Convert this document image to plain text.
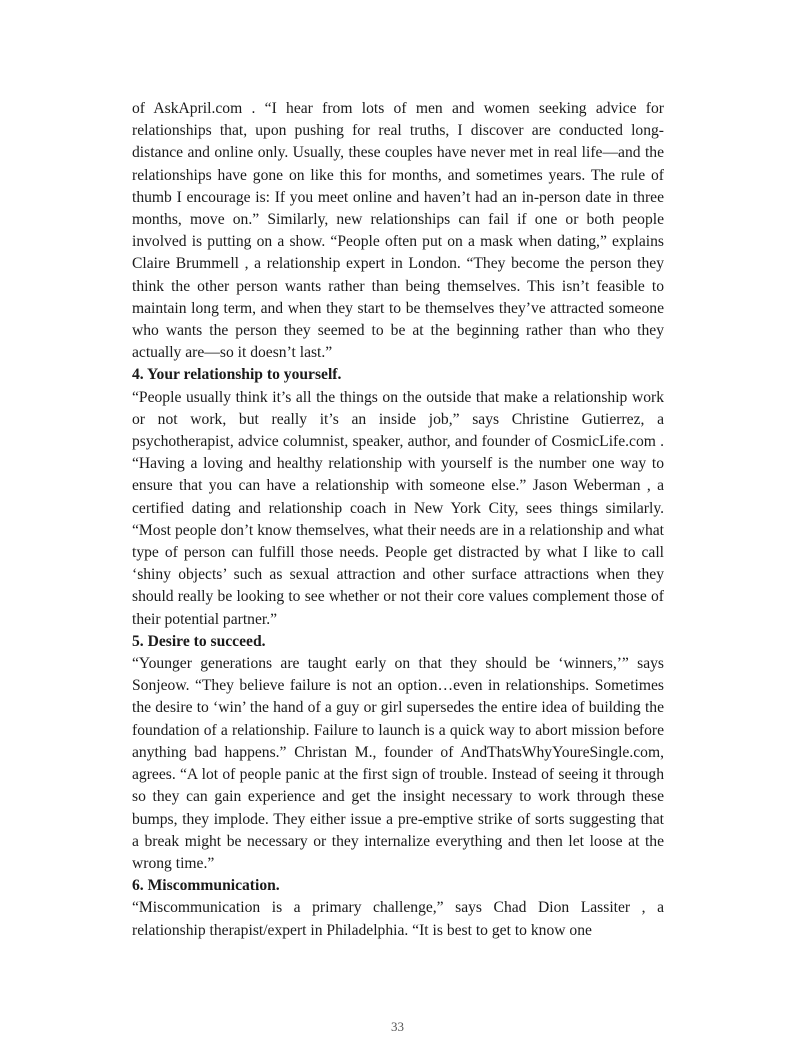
of AskApril.com . “I hear from lots of men and women seeking advice for relationships that, upon pushing for real truths, I discover are conducted long-distance and online only. Usually, these couples have never met in real life—and the relationships have gone on like this for months, and sometimes years. The rule of thumb I encourage is: If you meet online and haven’t had an in-person date in three months, move on.” Similarly, new relationships can fail if one or both people involved is putting on a show. “People often put on a mask when dating,” explains Claire Brummell , a relationship expert in London. “They become the person they think the other person wants rather than being themselves. This isn’t feasible to maintain long term, and when they start to be themselves they’ve attracted someone who wants the person they seemed to be at the beginning rather than who they actually are—so it doesn’t last.”

4. Your relationship to yourself.

“People usually think it’s all the things on the outside that make a relationship work or not work, but really it’s an inside job,” says Christine Gutierrez, a psychotherapist, advice columnist, speaker, author, and founder of CosmicLife.com . “Having a loving and healthy relationship with yourself is the number one way to ensure that you can have a relationship with someone else.” Jason Weberman , a certified dating and relationship coach in New York City, sees things similarly. “Most people don’t know themselves, what their needs are in a relationship and what type of person can fulfill those needs. People get distracted by what I like to call ‘shiny objects’ such as sexual attraction and other surface attractions when they should really be looking to see whether or not their core values complement those of their potential partner.”

5. Desire to succeed.

“Younger generations are taught early on that they should be ‘winners,’” says Sonjeow. “They believe failure is not an option…even in relationships. Sometimes the desire to ‘win’ the hand of a guy or girl supersedes the entire idea of building the foundation of a relationship. Failure to launch is a quick way to abort mission before anything bad happens.” Christan M., founder of AndThatsWhyYoureSingle.com, agrees. “A lot of people panic at the first sign of trouble. Instead of seeing it through so they can gain experience and get the insight necessary to work through these bumps, they implode. They either issue a pre-emptive strike of sorts suggesting that a break might be necessary or they internalize everything and then let loose at the wrong time.”

6. Miscommunication.

“Miscommunication is a primary challenge,” says Chad Dion Lassiter , a relationship therapist/expert in Philadelphia. “It is best to get to know one

33
